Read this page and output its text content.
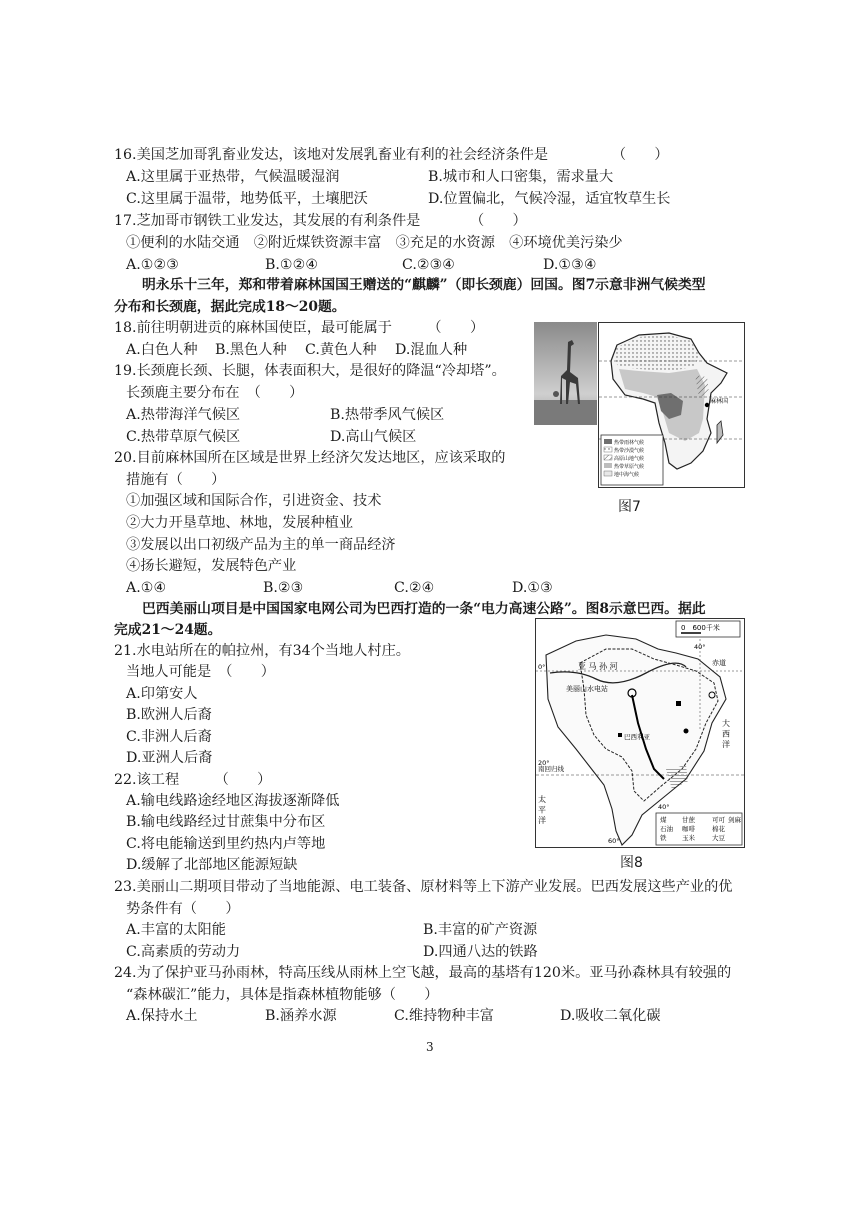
16.美国芝加哥乳畜业发达，该地对发展乳畜业有利的社会经济条件是　　　　　（　　）
A.这里属于亚热带，气候温暖湿润	B.城市和人口密集，需求量大
C.这里属于温带，地势低平，土壤肥沃	D.位置偏北，气候冷湿，适宜牧草生长
17.芝加哥市钢铁工业发达，其发展的有利条件是　　　　（　　）
①便利的水陆交通　②附近煤铁资源丰富　③充足的水资源　④环境优美污染少
A.①②③	B.①②④	C.②③④	D.①③④
明永乐十三年，郑和带着麻林国国王赠送的“麒麟”（即长颈鹿）回国。图7示意非洲气候类型
分布和长颈鹿，据此完成18～20题。
18.前往明朝进贡的麻林国使臣，最可能属于　　　（　　）
A.白色人种 B.黑色人种 C.黄色人种 D.混血人种
19.长颈鹿长颈、长腿，体表面积大，是很好的降温“冷却塔”。
长颈鹿主要分布在　（　　）
A.热带海洋气候区	B.热带季风气候区
C.热带草原气候区	D.高山气候区
20.目前麻林国所在区域是世界上经济欠发达地区，应该采取的
措施有（　　）
①加强区域和国际合作，引进资金、技术
②大力开垦草地、林地，发展种植业
③发展以出口初级产品为主的单一商品经济
④扬长避短，发展特色产业
A.①④	B.②③	C.②④	D.①③
热带雨林气候
热带沙漠气候
高原山地气候
热带草原气候
地中海气候
麻林国
图7
巴西美丽山项目是中国国家电网公司为巴西打造的一条“电力高速公路”。图8示意巴西。据此
完成21～24题。
21.水电站所在的帕拉州，有34个当地人村庄。
当地人可能是　（　　）
A.印第安人
B.欧洲人后裔
C.非洲人后裔
D.亚洲人后裔
22.该工程　　　（　　）
A.输电线路途经地区海拔逐渐降低
B.输电线路经过甘蔗集中分布区
C.将电能输送到里约热内卢等地
D.缓解了北部地区能源短缺
0　600千米
煤
石油
铁
甘蔗
咖啡
玉米
可可
棉花
大豆
剑麻
亚 马 孙 河
美丽山水电站
巴西利亚
赤道
大 西 洋
太 平 洋
南回归线
40°
0°
20°
60°
40°
图8
23.美丽山二期项目带动了当地能源、电工装备、原材料等上下游产业发展。巴西发展这些产业的优
势条件有（　　）
A.丰富的太阳能	B.丰富的矿产资源
C.高素质的劳动力	D.四通八达的铁路
24.为了保护亚马孙雨林，特高压线从雨林上空飞越，最高的基塔有120米。亚马孙森林具有较强的
“森林碳汇”能力，具体是指森林植物能够（　　）
A.保持水土	B.涵养水源	C.维持物种丰富	D.吸收二氧化碳
3
